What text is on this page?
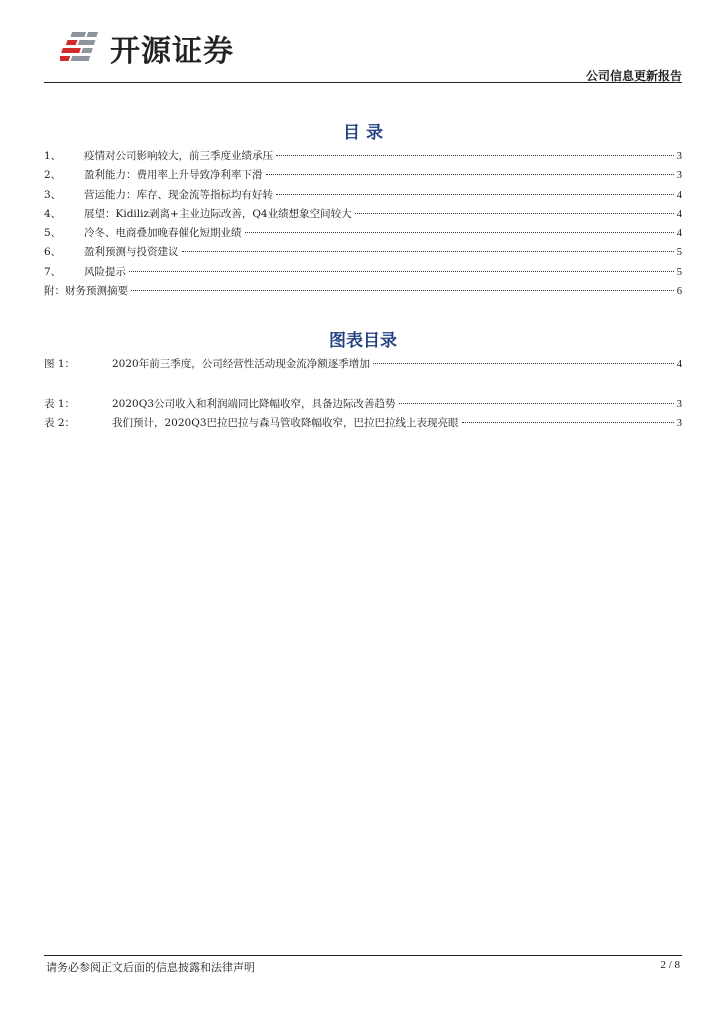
开源证券
公司信息更新报告
目 录
1、	疫情对公司影响较大，前三季度业绩承压	3
2、	盈利能力：费用率上升导致净利率下滑	3
3、	营运能力：库存、现金流等指标均有好转	4
4、	展望：Kidiliz剥离+主业边际改善，Q4业绩想象空间较大	4
5、	冷冬、电商叠加晚春催化短期业绩	4
6、	盈利预测与投资建议	5
7、	风险提示	5
附： 财务预测摘要	6
图表目录
图 1：	2020年前三季度，公司经营性活动现金流净额逐季增加	4
表 1：	2020Q3公司收入和利润端同比降幅收窄，具备边际改善趋势	3
表 2：	我们预计，2020Q3巴拉巴拉与森马管收降幅收窄，巴拉巴拉线上表现亮眼	3
请务必参阅正文后面的信息披露和法律声明	2 / 8
